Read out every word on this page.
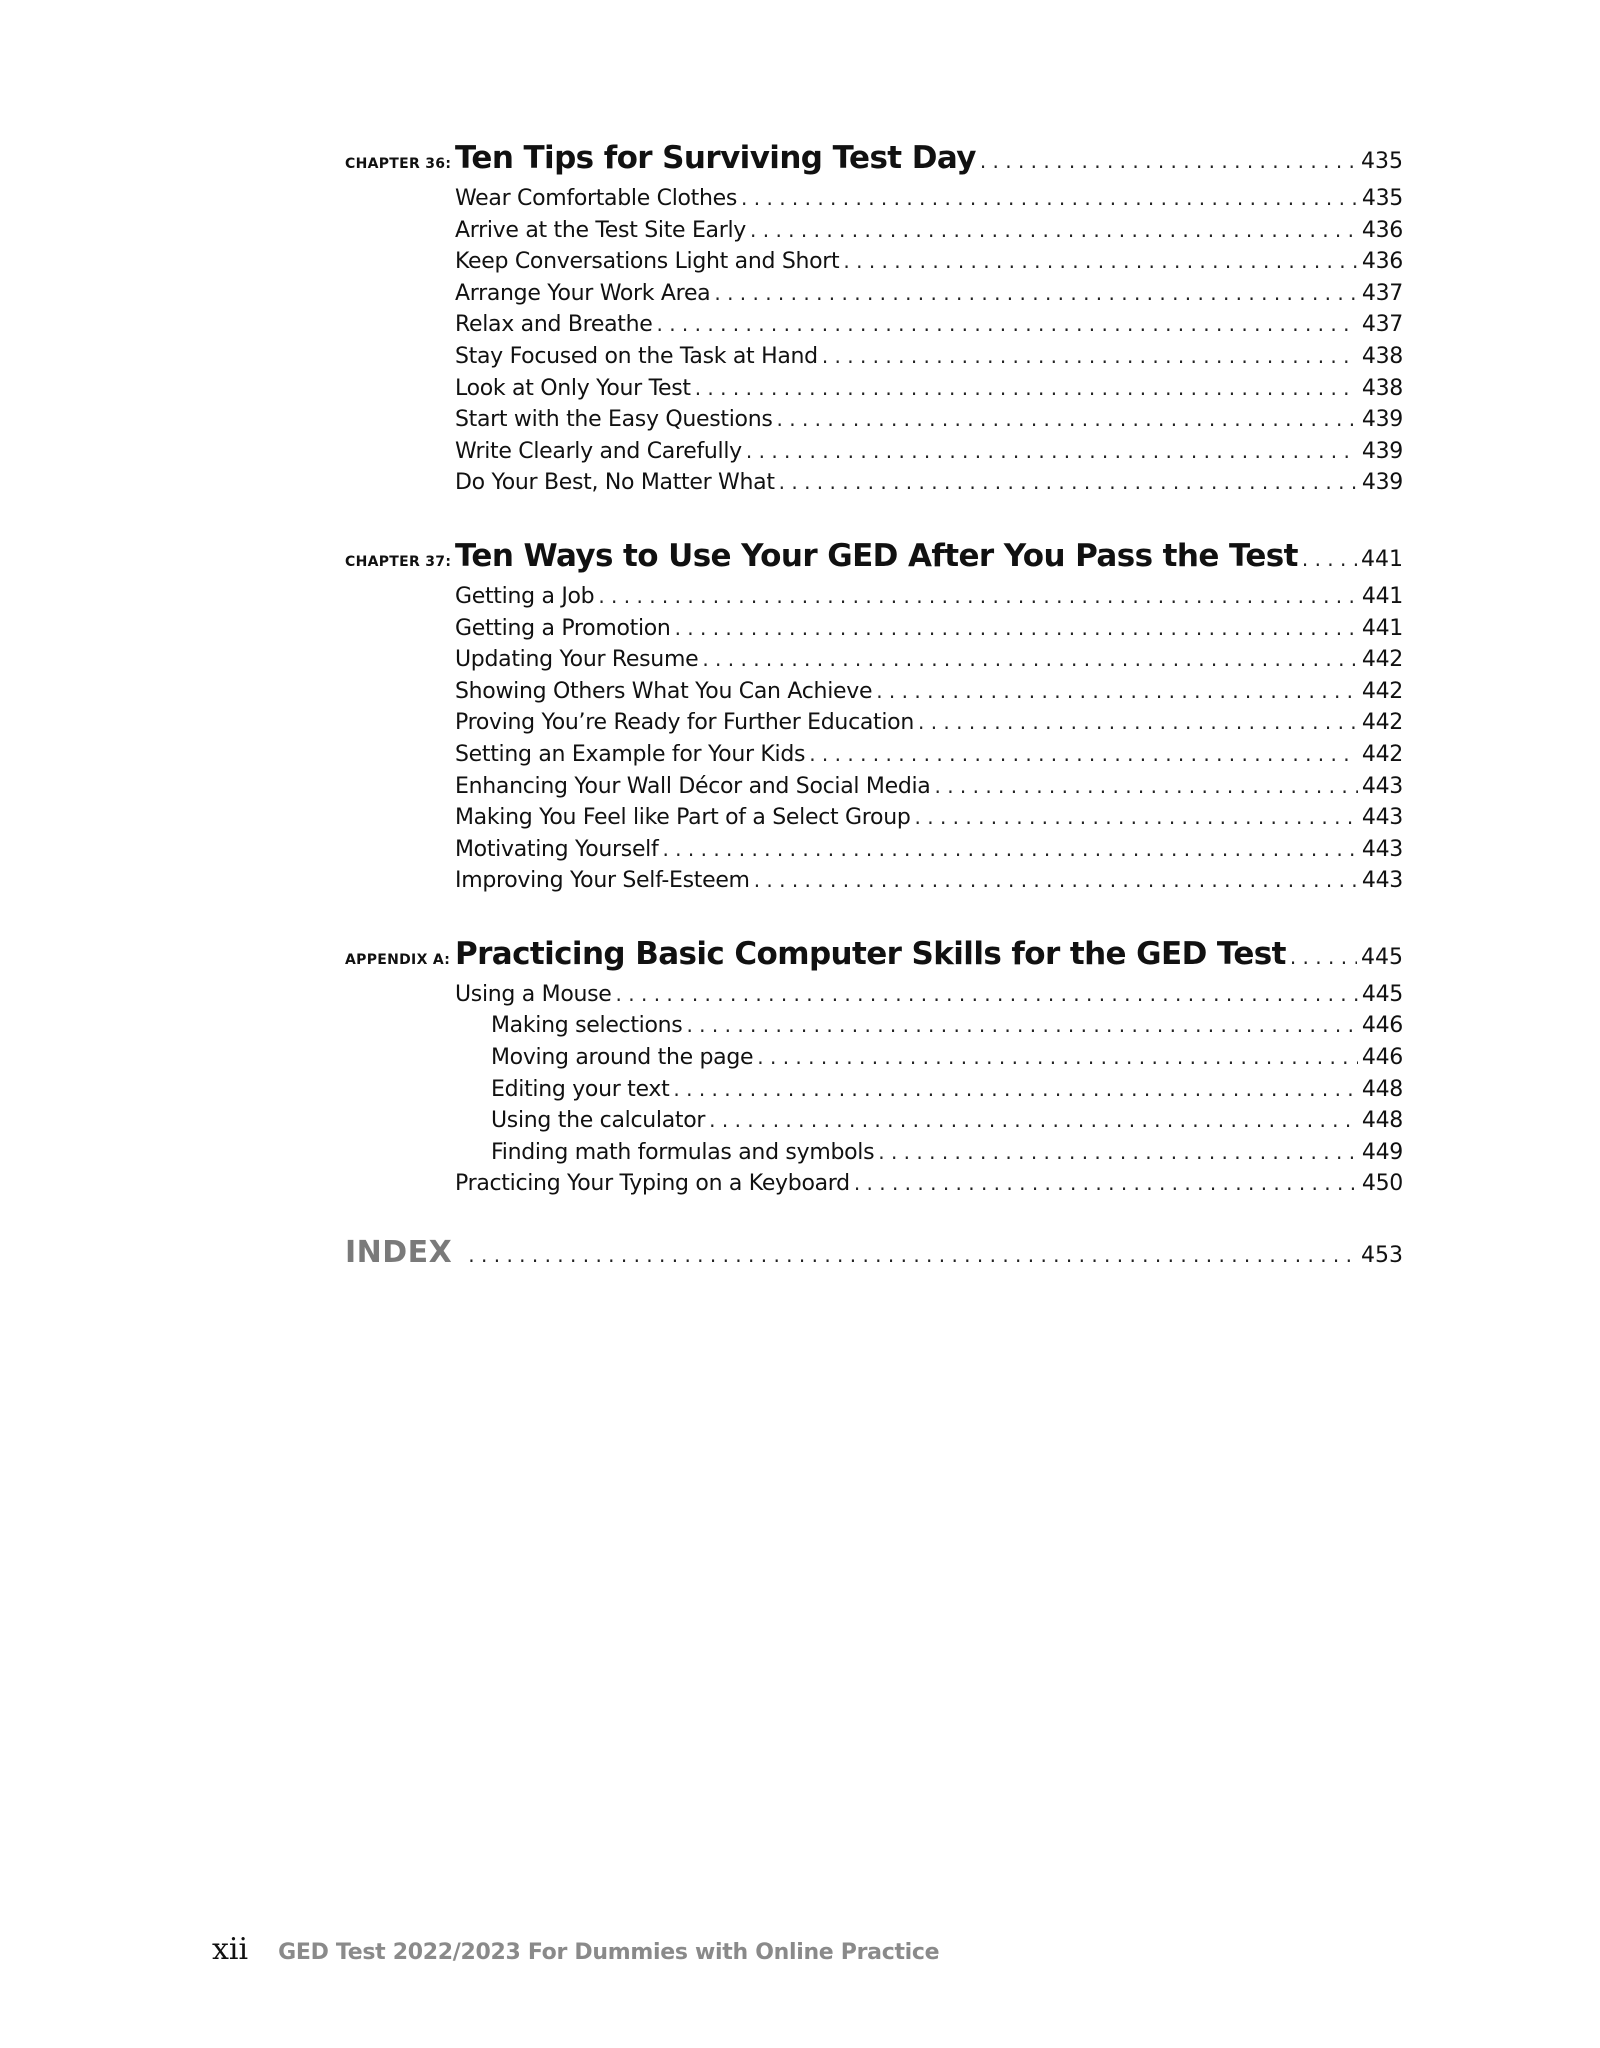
CHAPTER 36: Ten Tips for Surviving Test Day . . .	435
Wear Comfortable Clothes . . .	435
Arrive at the Test Site Early . . .	436
Keep Conversations Light and Short . . .	436
Arrange Your Work Area . . .	437
Relax and Breathe . . .	437
Stay Focused on the Task at Hand . . .	438
Look at Only Your Test . . .	438
Start with the Easy Questions . . .	439
Write Clearly and Carefully . . .	439
Do Your Best, No Matter What . . .	439
CHAPTER 37: Ten Ways to Use Your GED After You Pass the Test . . .	441
Getting a Job . . .	441
Getting a Promotion . . .	441
Updating Your Resume . . .	442
Showing Others What You Can Achieve . . .	442
Proving You’re Ready for Further Education . . .	442
Setting an Example for Your Kids . . .	442
Enhancing Your Wall Décor and Social Media . . .	443
Making You Feel like Part of a Select Group . . .	443
Motivating Yourself . . .	443
Improving Your Self-Esteem . . .	443
APPENDIX A: Practicing Basic Computer Skills for the GED Test . . .	445
Using a Mouse . . .	445
Making selections . . .	446
Moving around the page . . .	446
Editing your text . . .	448
Using the calculator . . .	448
Finding math formulas and symbols . . .	449
Practicing Your Typing on a Keyboard . . .	450
INDEX . . .	453
xii GED Test 2022/2023 For Dummies with Online Practice
